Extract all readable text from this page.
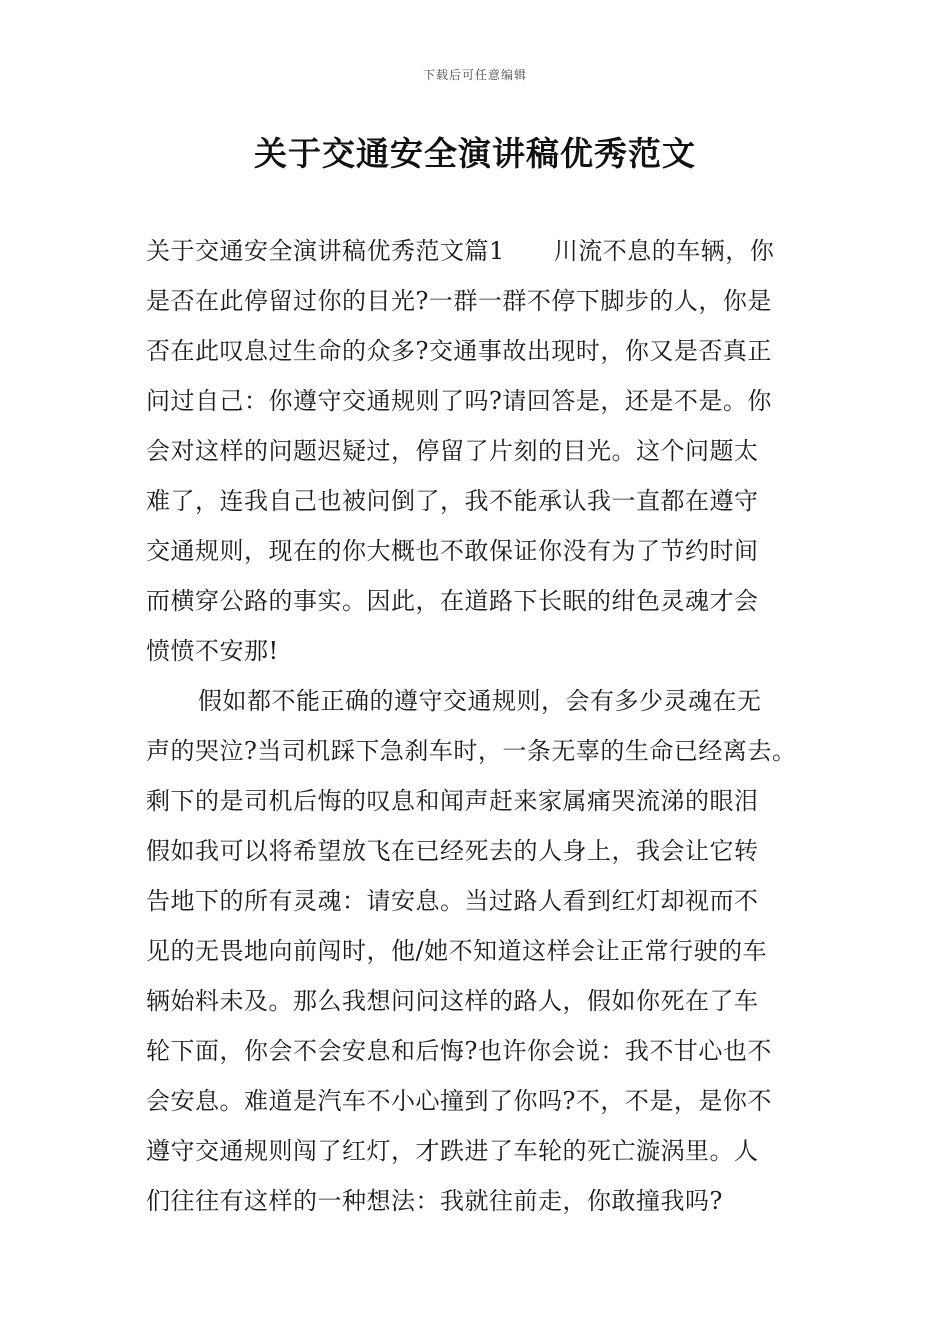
下载后可任意编辑
关于交通安全演讲稿优秀范文
关于交通安全演讲稿优秀范文篇1　　川流不息的车辆，你
是否在此停留过你的目光?一群一群不停下脚步的人，你是
否在此叹息过生命的众多?交通事故出现时，你又是否真正
问过自己：你遵守交通规则了吗?请回答是，还是不是。你
会对这样的问题迟疑过，停留了片刻的目光。这个问题太
难了，连我自己也被问倒了，我不能承认我一直都在遵守
交通规则，现在的你大概也不敢保证你没有为了节约时间
而横穿公路的事实。因此，在道路下长眠的绀色灵魂才会
愤愤不安那!
假如都不能正确的遵守交通规则，会有多少灵魂在无
声的哭泣?当司机踩下急刹车时，一条无辜的生命已经离去。
剩下的是司机后悔的叹息和闻声赶来家属痛哭流涕的眼泪
假如我可以将希望放飞在已经死去的人身上，我会让它转
告地下的所有灵魂：请安息。当过路人看到红灯却视而不
见的无畏地向前闯时，他/她不知道这样会让正常行驶的车
辆始料未及。那么我想问问这样的路人，假如你死在了车
轮下面，你会不会安息和后悔?也许你会说：我不甘心也不
会安息。难道是汽车不小心撞到了你吗?不，不是，是你不
遵守交通规则闯了红灯，才跌进了车轮的死亡漩涡里。人
们往往有这样的一种想法：我就往前走，你敢撞我吗?
